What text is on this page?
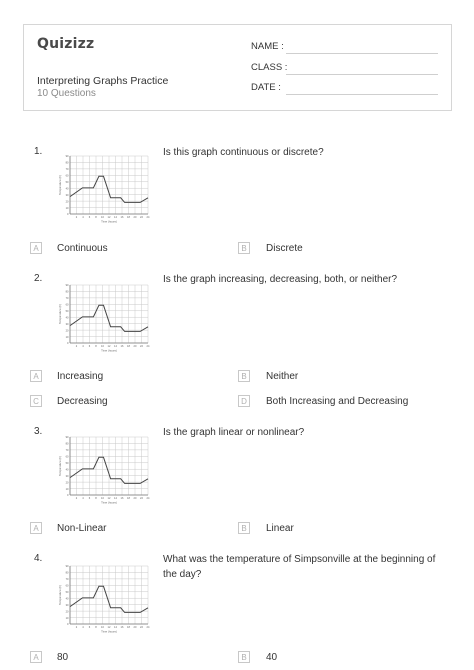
Quizizz
Interpreting Graphs Practice
10 Questions
NAME :
CLASS :
DATE :
1.	Is this graph continuous or discrete?
90
80
70
60
50
40
30
20
10
0
2 4 6 8 10 12 14 16 18 20 22 24
Time (hours)
Temperature (F)
A	Continuous	B	Discrete
2.	Is the graph increasing, decreasing, both, or neither?
90
80
70
60
50
40
30
20
10
0
2 4 6 8 10 12 14 16 18 20 22 24
Time (hours)
Temperature (F)
A	Increasing	B	Neither
C	Decreasing	D	Both Increasing and Decreasing
3.	Is the graph linear or nonlinear?
90
80
70
60
50
40
30
20
10
0
2 4 6 8 10 12 14 16 18 20 22 24
Time (hours)
Temperature (F)
A	Non-Linear	B	Linear
4.	What was the temperature of Simpsonville at the beginning of the day?
90
80
70
60
50
40
30
20
10
0
2 4 6 8 10 12 14 16 18 20 22 24
Time (hours)
Temperature (F)
A	80	B	40
